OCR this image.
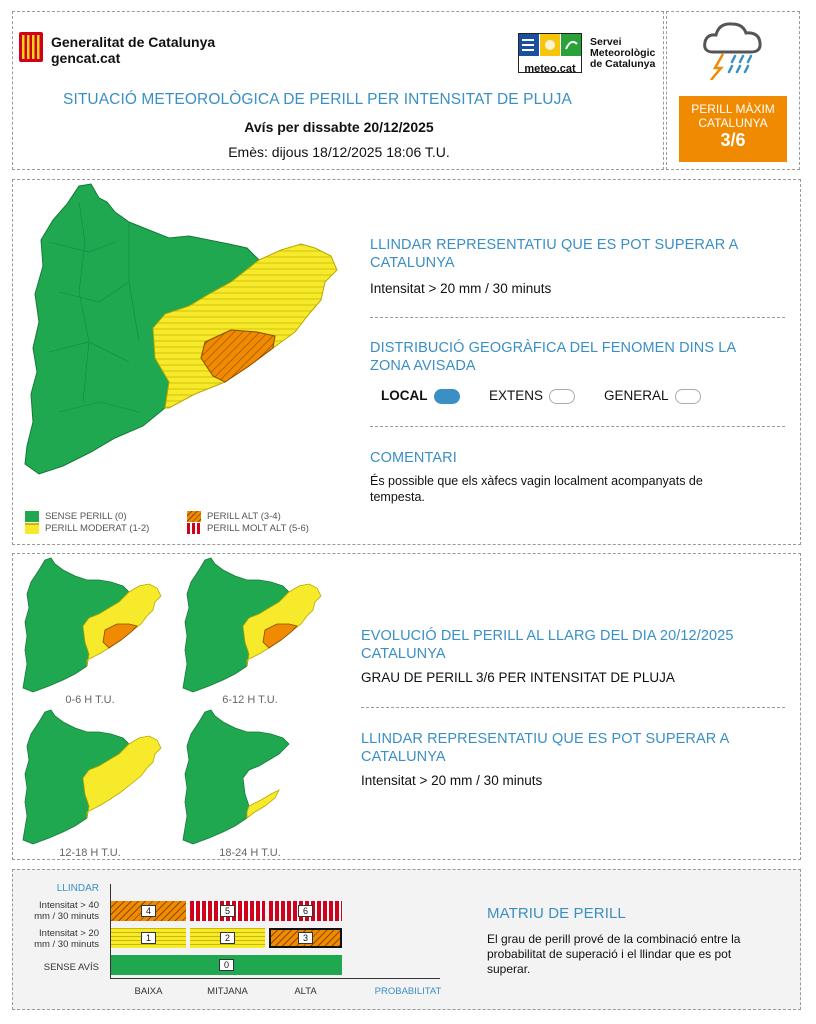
Generalitat de Catalunya
gencat.cat
meteo.cat
Servei
Meteorològic
de Catalunya
SITUACIÓ METEOROLÒGICA DE PERILL PER INTENSITAT DE PLUJA
Avís per dissabte 20/12/2025
Emès: dijous 18/12/2025 18:06 T.U.
PERILL MÀXIM
CATALUNYA
3/6
SENSE PERILL (0)
PERILL MODERAT (1-2)
PERILL ALT (3-4)
PERILL MOLT ALT (5-6)
LLINDAR REPRESENTATIU QUE ES POT SUPERAR A CATALUNYA
Intensitat > 20 mm / 30 minuts
DISTRIBUCIÓ GEOGRÀFICA DEL FENOMEN DINS LA ZONA AVISADA
LOCAL	EXTENS	GENERAL
COMENTARI
És possible que els xàfecs vagin localment acompanyats de tempesta.
0-6 H T.U.	6-12 H T.U.
12-18 H T.U.	18-24 H T.U.
EVOLUCIÓ DEL PERILL AL LLARG DEL DIA 20/12/2025 CATALUNYA
GRAU DE PERILL 3/6 PER INTENSITAT DE PLUJA
LLINDAR REPRESENTATIU QUE ES POT SUPERAR A CATALUNYA
Intensitat > 20 mm / 30 minuts
LLINDAR
Intensitat > 40
mm / 30 minuts
Intensitat > 20
mm / 30 minuts
SENSE AVÍS
4	5	6
1	2	3
0
BAIXA	MITJANA	ALTA	PROBABILITAT
MATRIU DE PERILL
El grau de perill prové de la combinació entre la probabilitat de superació i el llindar que es pot superar.
